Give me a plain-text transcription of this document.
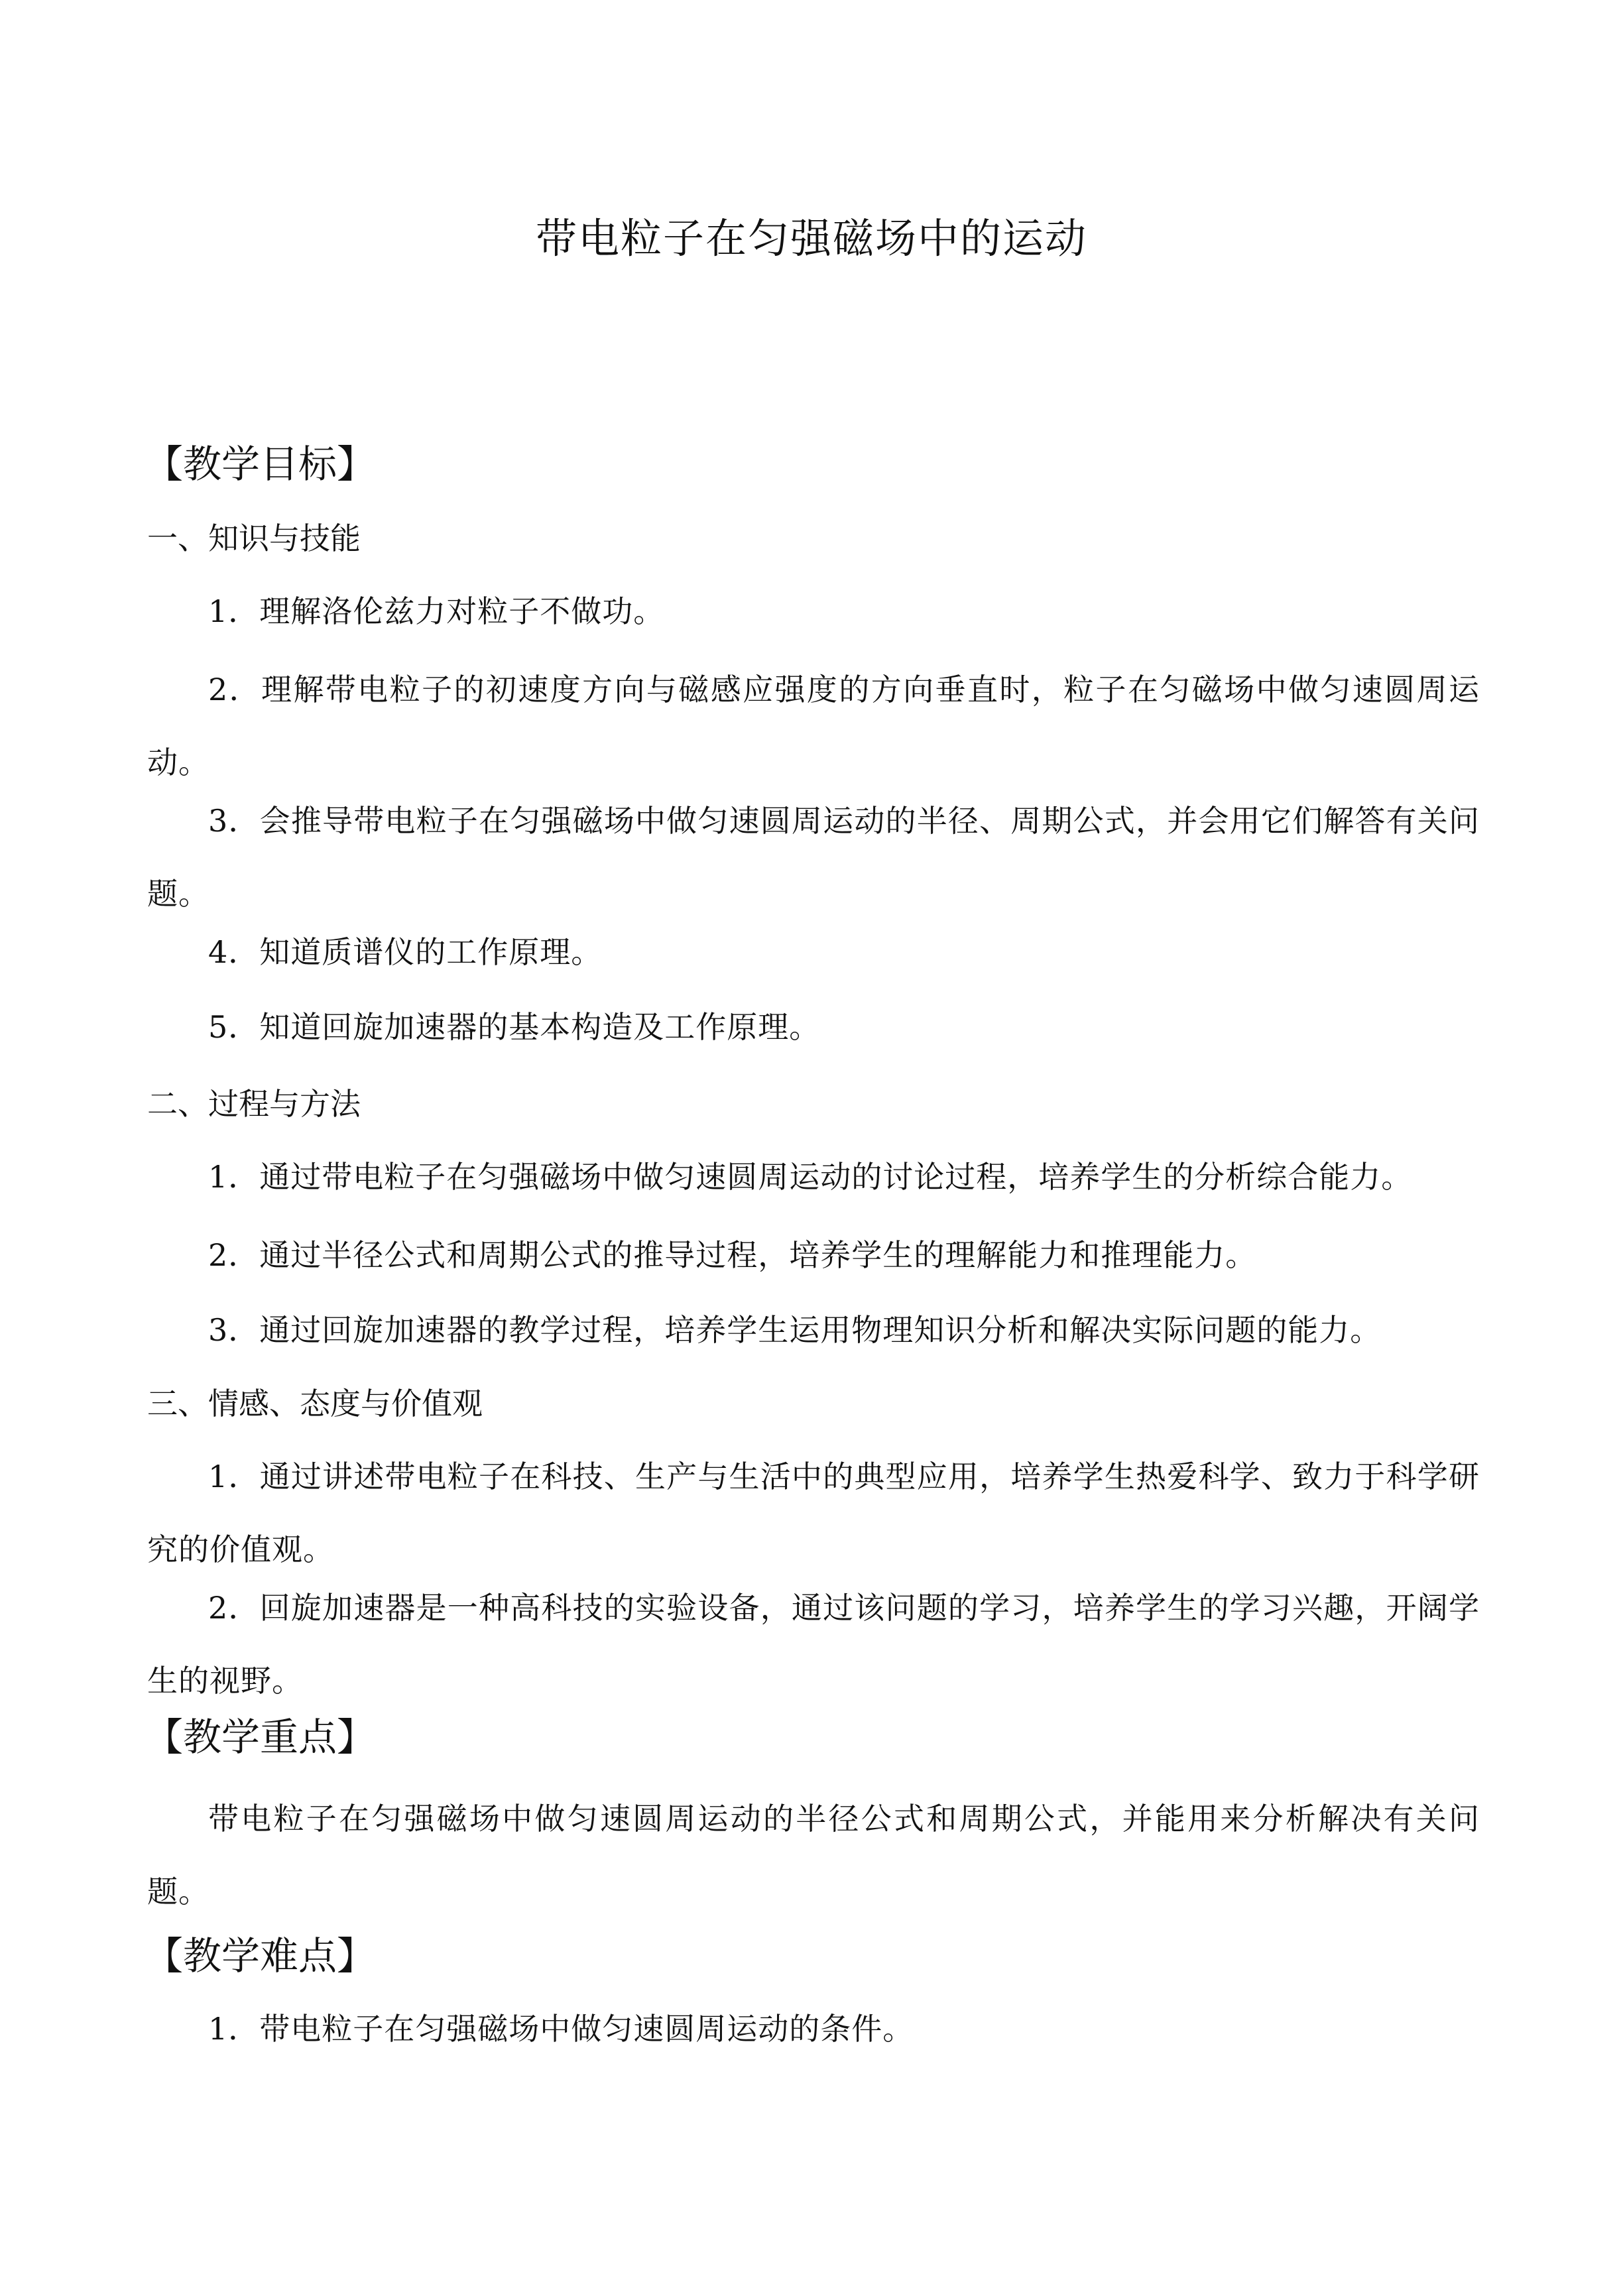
带电粒子在匀强磁场中的运动
【教学目标】
一、知识与技能
1．理解洛伦兹力对粒子不做功。
2．理解带电粒子的初速度方向与磁感应强度的方向垂直时，粒子在匀磁场中做匀速圆周运动。
3．会推导带电粒子在匀强磁场中做匀速圆周运动的半径、周期公式，并会用它们解答有关问题。
4．知道质谱仪的工作原理。
5．知道回旋加速器的基本构造及工作原理。
二、过程与方法
1．通过带电粒子在匀强磁场中做匀速圆周运动的讨论过程，培养学生的分析综合能力。
2．通过半径公式和周期公式的推导过程，培养学生的理解能力和推理能力。
3．通过回旋加速器的教学过程，培养学生运用物理知识分析和解决实际问题的能力。
三、情感、态度与价值观
1．通过讲述带电粒子在科技、生产与生活中的典型应用，培养学生热爱科学、致力于科学研究的价值观。
2．回旋加速器是一种高科技的实验设备，通过该问题的学习，培养学生的学习兴趣，开阔学生的视野。
【教学重点】
带电粒子在匀强磁场中做匀速圆周运动的半径公式和周期公式，并能用来分析解决有关问题。
【教学难点】
1．带电粒子在匀强磁场中做匀速圆周运动的条件。
